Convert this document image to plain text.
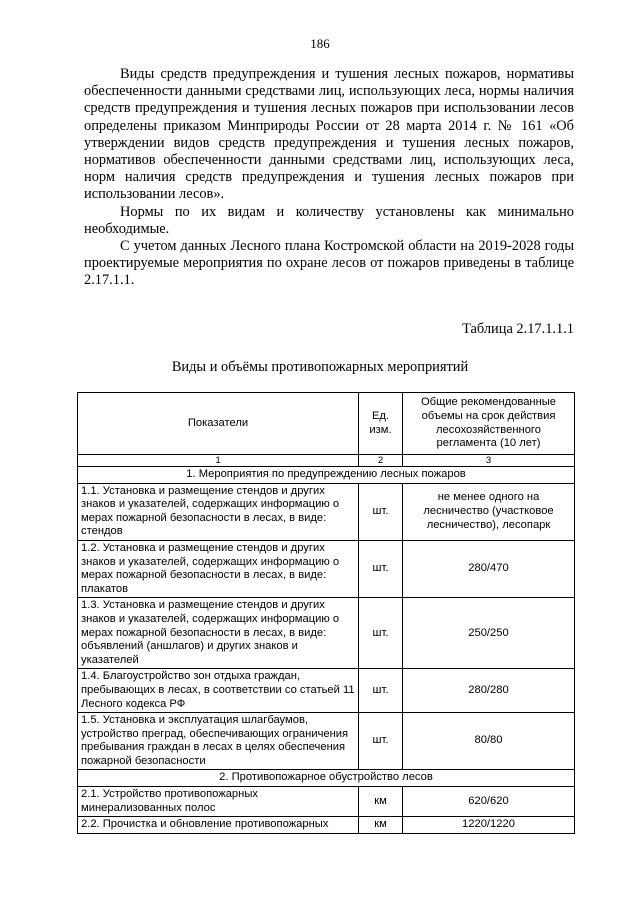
186

Виды средств предупреждения и тушения лесных пожаров, нормативы обеспеченности данными средствами лиц, использующих леса, нормы наличия средств предупреждения и тушения лесных пожаров при использовании лесов определены приказом Минприроды России от 28 марта 2014 г. № 161 «Об утверждении видов средств предупреждения и тушения лесных пожаров, нормативов обеспеченности данными средствами лиц, использующих леса, норм наличия средств предупреждения и тушения лесных пожаров при использовании лесов».

Нормы по их видам и количеству установлены как минимально необходимые.

С учетом данных Лесного плана Костромской области на 2019-2028 годы проектируемые мероприятия по охране лесов от пожаров приведены в таблице 2.17.1.1.

Таблица 2.17.1.1.1
Виды и объёмы противопожарных мероприятий
Показатели	Ед. изм.	Общие рекомендованные объемы на срок действия лесохозяйственного регламента (10 лет)
1	2	3
1. Мероприятия по предупреждению лесных пожаров		
1.1. Установка и размещение стендов и других знаков и указателей, содержащих информацию о мерах пожарной безопасности в лесах, в виде: стендов	шт.	не менее одного на лесничество (участковое лесничество), лесопарк
1.2. Установка и размещение стендов и других знаков и указателей, содержащих информацию о мерах пожарной безопасности в лесах, в виде: плакатов	шт.	280/470
1.3. Установка и размещение стендов и других знаков и указателей, содержащих информацию о мерах пожарной безопасности в лесах, в виде: объявлений (аншлагов) и других знаков и указателей	шт.	250/250
1.4. Благоустройство зон отдыха граждан, пребывающих в лесах, в соответствии со статьей 11 Лесного кодекса РФ	шт.	280/280
1.5. Установка и эксплуатация шлагбаумов, устройство преград, обеспечивающих ограничения пребывания граждан в лесах в целях обеспечения пожарной безопасности	шт.	80/80
2. Противопожарное обустройство лесов		
2.1. Устройство противопожарных минерализованных полос	км	620/620
2.2. Прочистка и обновление противопожарных	км	1220/1220
